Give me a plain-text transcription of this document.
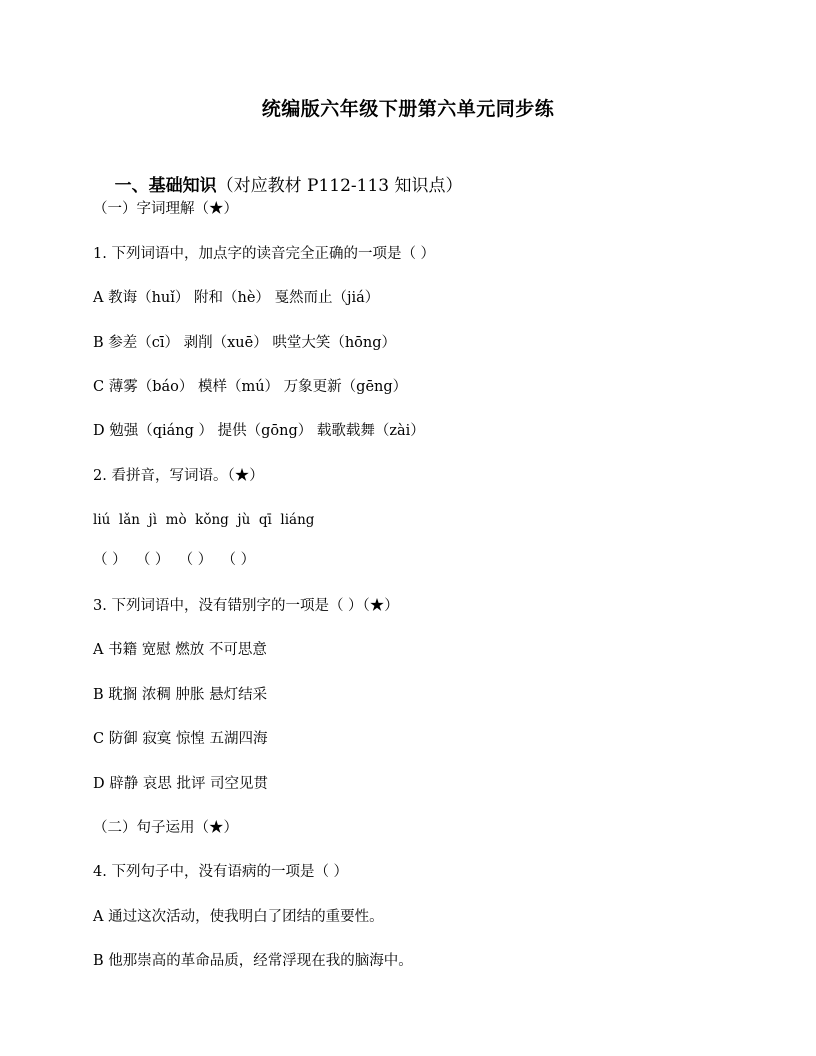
统编版六年级下册第六单元同步练

一、基础知识（对应教材 P112-113 知识点）

（一）字词理解（★）
1. 下列词语中，加点字的读音完全正确的一项是（ ）
A 教诲（huǐ） 附和（hè） 戛然而止（jiá）
B 参差（cī） 剥削（xuē） 哄堂大笑（hōng）
C 薄雾（báo） 模样（mú） 万象更新（gēng）
D 勉强（qiáng ） 提供（gōng） 载歌载舞（zài）
2. 看拼音，写词语。（★）
liú  lǎn  jì  mò  kǒng  jù  qī  liáng
（ ）  （ ）  （ ）  （ ）
3. 下列词语中，没有错别字的一项是（ ）（★）
A 书籍 宽慰 燃放 不可思意
B 耽搁 浓稠 肿胀 悬灯结采
C 防御 寂寞 惊惶 五湖四海
D 辟静 哀思 批评 司空见贯
（二）句子运用（★）
4. 下列句子中，没有语病的一项是（ ）
A 通过这次活动，使我明白了团结的重要性。
B 他那崇高的革命品质，经常浮现在我的脑海中。
